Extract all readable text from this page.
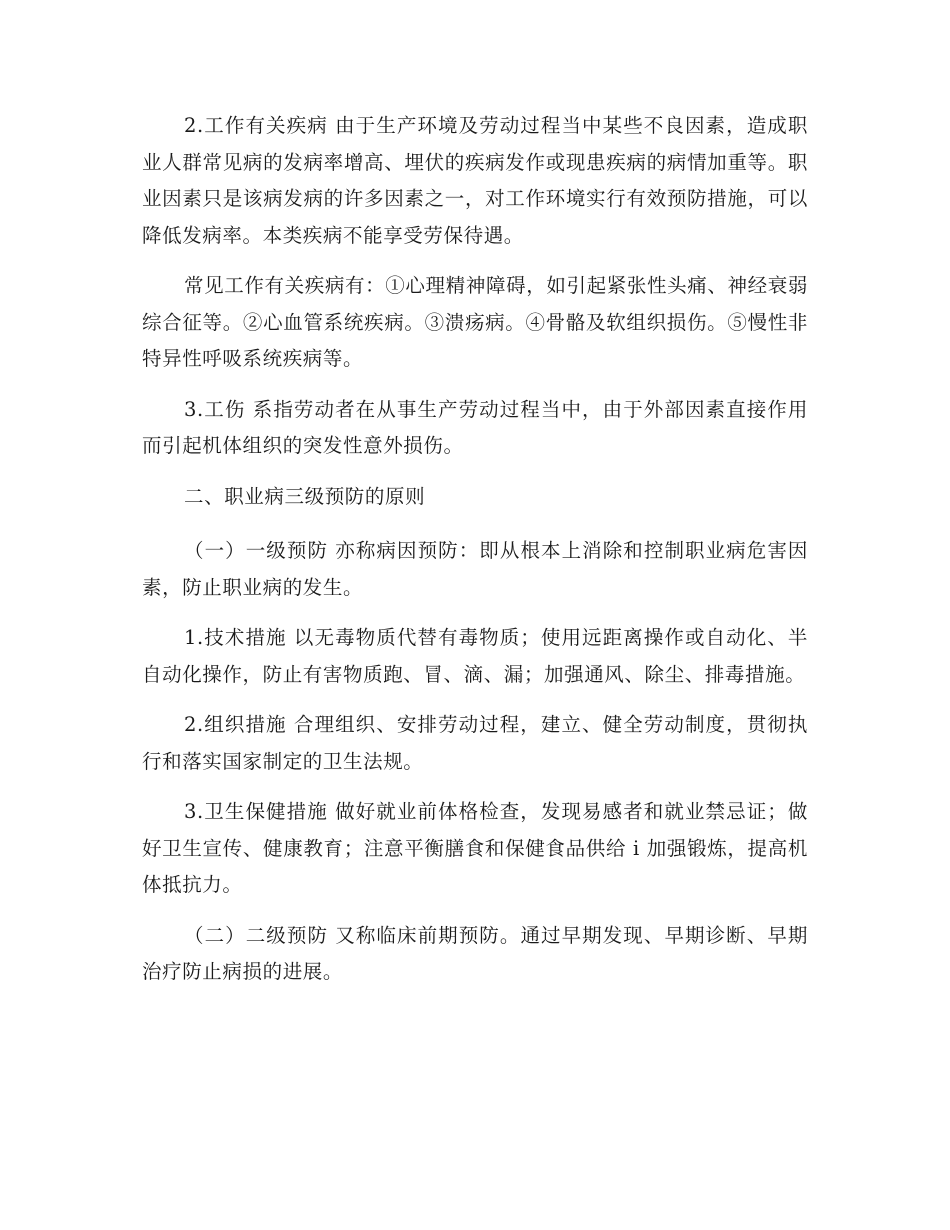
2.工作有关疾病 由于生产环境及劳动过程当中某些不良因素，造成职业人群常见病的发病率增高、埋伏的疾病发作或现患疾病的病情加重等。职业因素只是该病发病的许多因素之一，对工作环境实行有效预防措施，可以降低发病率。本类疾病不能享受劳保待遇。

常见工作有关疾病有：①心理精神障碍，如引起紧张性头痛、神经衰弱综合征等。②心血管系统疾病。③溃疡病。④骨骼及软组织损伤。⑤慢性非特异性呼吸系统疾病等。

3.工伤 系指劳动者在从事生产劳动过程当中，由于外部因素直接作用而引起机体组织的突发性意外损伤。

二、职业病三级预防的原则

（一）一级预防 亦称病因预防：即从根本上消除和控制职业病危害因素，防止职业病的发生。

1.技术措施 以无毒物质代替有毒物质；使用远距离操作或自动化、半自动化操作，防止有害物质跑、冒、滴、漏；加强通风、除尘、排毒措施。

2.组织措施 合理组织、安排劳动过程，建立、健全劳动制度，贯彻执行和落实国家制定的卫生法规。

3.卫生保健措施 做好就业前体格检查，发现易感者和就业禁忌证；做好卫生宣传、健康教育；注意平衡膳食和保健食品供给 i 加强锻炼，提高机体抵抗力。

（二）二级预防 又称临床前期预防。通过早期发现、早期诊断、早期治疗防止病损的进展。
